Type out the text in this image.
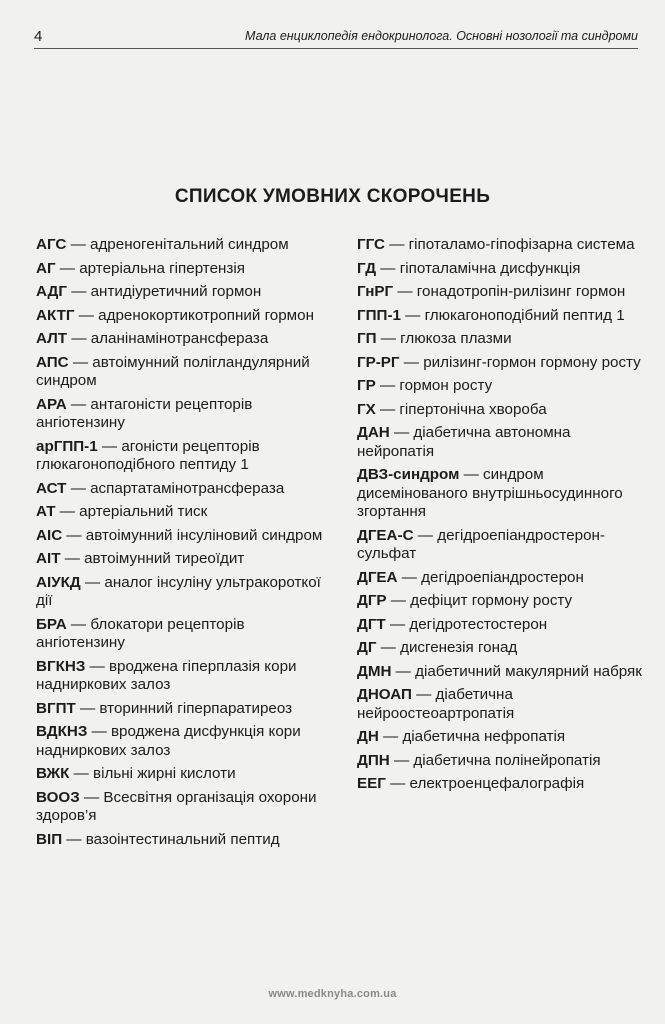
4	Мала енциклопедія ендокринолога. Основні нозології та синдроми
СПИСОК УМОВНИХ СКОРОЧЕНЬ
АГС — адреногенітальний синдром
АГ — артеріальна гіпертензія
АДГ — антидіуретичний гормон
АКТГ — адренокортикотропний гормон
АЛТ — аланінамінотрансфераза
АПС — автоімунний полігландулярний синдром
АРА — антагоністи рецепторів ангіотензину
арГПП-1 — агоністи рецепторів глюкагоноподібного пептиду 1
АСТ — аспартатамінотрансфераза
АТ — артеріальний тиск
АІС — автоімунний інсуліновий синдром
АІТ — автоімунний тиреоїдит
АІУКД — аналог інсуліну ультракороткої дії
БРА — блокатори рецепторів ангіотензину
ВГКНЗ — вроджена гіперплазія кори надниркових залоз
ВГПТ — вторинний гіперпаратиреоз
ВДКНЗ — вроджена дисфункція кори надниркових залоз
ВЖК — вільні жирні кислоти
ВООЗ — Всесвітня організація охорони здоров’я
ВІП — вазоінтестинальний пептид
ГГС — гіпоталамо-гіпофізарна система
ГД — гіпоталамічна дисфункція
ГнРГ — гонадотропін-рилізинг гормон
ГПП-1 — глюкагоноподібний пептид 1
ГП — глюкоза плазми
ГР-РГ — рилізинг-гормон гормону росту
ГР — гормон росту
ГХ — гіпертонічна хвороба
ДАН — діабетична автономна нейропатія
ДВЗ-синдром — синдром дисемінованого внутрішньосудинного згортання
ДГЕА-С — дегідроепіандростерон-сульфат
ДГЕА — дегідроепіандростерон
ДГР — дефіцит гормону росту
ДГТ — дегідротестостерон
ДГ — дисгенезія гонад
ДМН — діабетичний макулярний набряк
ДНОАП — діабетична нейроостеоартропатія
ДН — діабетична нефропатія
ДПН — діабетична полінейропатія
ЕЕГ — електроенцефалографія
www.medknyha.com.ua
